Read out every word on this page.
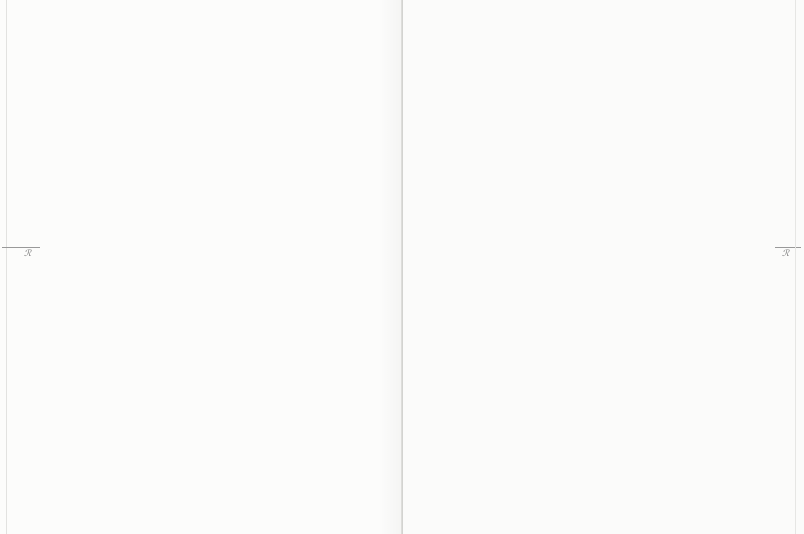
ℛ	ℛ
